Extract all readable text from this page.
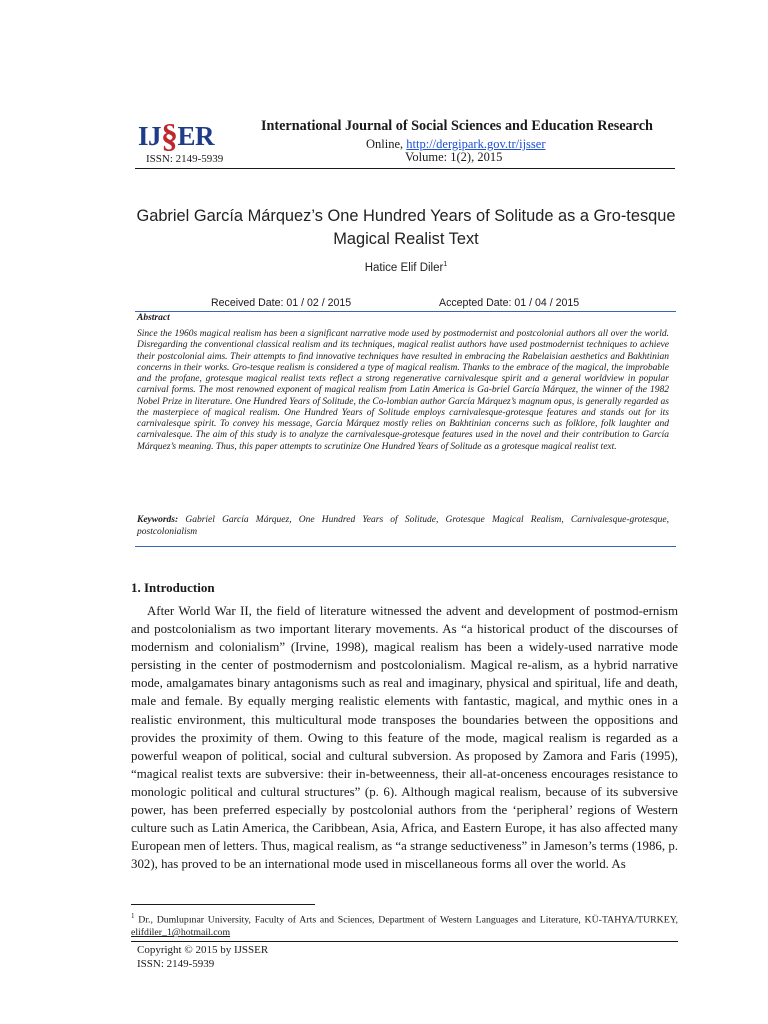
IJ§ER
ISSN: 2149-5939
International Journal of Social Sciences and Education Research
Online, http://dergipark.gov.tr/ijsser
Volume: 1(2), 2015
Gabriel García Márquez’s One Hundred Years of Solitude as a Gro-tesque Magical Realist Text
Hatice Elif Diler$^1$
Received Date: 01 / 02 / 2015	Accepted Date: 01 / 04 / 2015
Abstract
Since the 1960s magical realism has been a significant narrative mode used by postmodernist and postcolonial authors all over the world. Disregarding the conventional classical realism and its techniques, magical realist authors have used postmodernist techniques to achieve their postcolonial aims. Their attempts to find innovative techniques have resulted in embracing the Rabelaisian aesthetics and Bakhtinian concerns in their works. Gro-tesque realism is considered a type of magical realism. Thanks to the embrace of the magical, the improbable and the profane, grotesque magical realist texts reflect a strong regenerative carnivalesque spirit and a general worldview in popular carnival forms. The most renowned exponent of magical realism from Latin America is Ga-briel García Márquez, the winner of the 1982 Nobel Prize in literature. One Hundred Years of Solitude, the Co-lombian author García Márquez’s magnum opus, is generally regarded as the masterpiece of magical realism. One Hundred Years of Solitude employs carnivalesque-grotesque features and stands out for its carnivalesque spirit. To convey his message, García Márquez mostly relies on Bakhtinian concerns such as folklore, folk laughter and carnivalesque. The aim of this study is to analyze the carnivalesque-grotesque features used in the novel and their contribution to García Márquez’s meaning. Thus, this paper attempts to scrutinize One Hundred Years of Solitude as a grotesque magical realist text.
Keywords: Gabriel García Márquez, One Hundred Years of Solitude, Grotesque Magical Realism, Carnivalesque-grotesque, postcolonialism
1. Introduction
After World War II, the field of literature witnessed the advent and development of postmod-ernism and postcolonialism as two important literary movements. As “a historical product of the discourses of modernism and colonialism” (Irvine, 1998), magical realism has been a widely-used narrative mode persisting in the center of postmodernism and postcolonialism. Magical re-alism, as a hybrid narrative mode, amalgamates binary antagonisms such as real and imaginary, physical and spiritual, life and death, male and female. By equally merging realistic elements with fantastic, magical, and mythic ones in a realistic environment, this multicultural mode transposes the boundaries between the oppositions and provides the proximity of them. Owing to this feature of the mode, magical realism is regarded as a powerful weapon of political, social and cultural subversion. As proposed by Zamora and Faris (1995), “magical realist texts are subversive: their in-betweenness, their all-at-onceness encourages resistance to monologic political and cultural structures” (p. 6). Although magical realism, because of its subversive power, has been preferred especially by postcolonial authors from the ‘peripheral’ regions of Western culture such as Latin America, the Caribbean, Asia, Africa, and Eastern Europe, it has also affected many European men of letters. Thus, magical realism, as “a strange seductiveness” in Jameson’s terms (1986, p. 302), has proved to be an international mode used in miscellaneous forms all over the world. As
$^1$ Dr., Dumlupınar University, Faculty of Arts and Sciences, Department of Western Languages and Literature, KÜ-TAHYA/TURKEY, elifdiler_1@hotmail.com
Copyright © 2015 by IJSSER
ISSN: 2149-5939
